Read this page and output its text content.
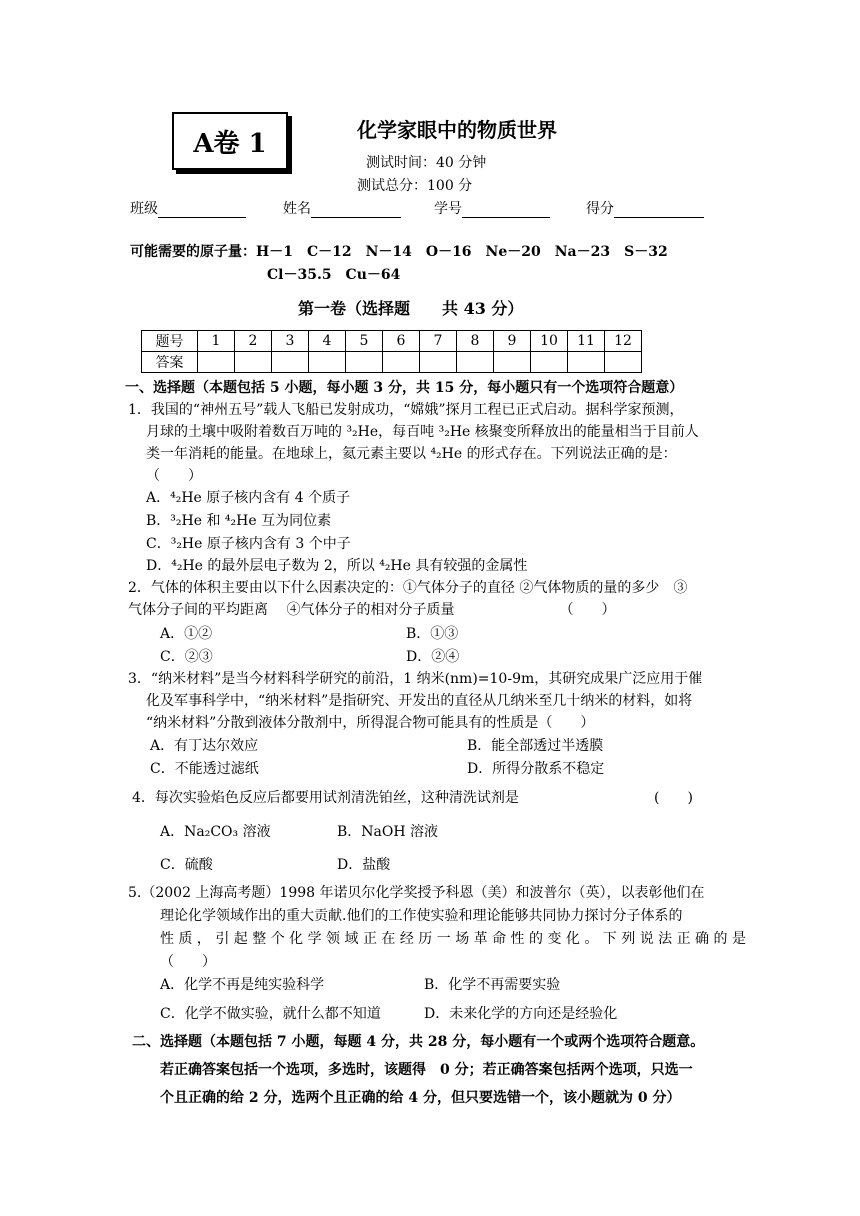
A卷 1	化学家眼中的物质世界
测试时间：40 分钟
测试总分：100 分
班级	姓名	学号	得分
可能需要的原子量：H－1　C－12　N－14　O－16　Ne－20　Na－23　S－32
Cl－35.5　Cu－64
第一卷（选择题　　共 43 分）
题号	1	2	3	4	5	6	7	8	9	10	11	12
答案												
一、选择题（本题包括 5 小题，每小题 3 分，共 15 分，每小题只有一个选项符合题意）
1．我国的“神州五号”载人飞船已发射成功，“嫦娥”探月工程已正式启动。据科学家预测，
月球的土壤中吸附着数百万吨的 ³₂He，每百吨 ³₂He 核聚变所释放出的能量相当于目前人
类一年消耗的能量。在地球上，氦元素主要以 ⁴₂He 的形式存在。下列说法正确的是：
（　　）
A．⁴₂He 原子核内含有 4 个质子
B．³₂He 和 ⁴₂He 互为同位素
C．³₂He 原子核内含有 3 个中子
D．⁴₂He 的最外层电子数为 2，所以 ⁴₂He 具有较强的金属性
2．气体的体积主要由以下什么因素决定的：①气体分子的直径 ②气体物质的量的多少　③
气体分子间的平均距离　 ④气体分子的相对分子质量　　　　　　　　（　　）
A．①②	B．①③
C．②③	D．②④
3．“纳米材料”是当今材料科学研究的前沿，1 纳米(nm)=10-9m，其研究成果广泛应用于催
化及军事科学中，“纳米材料”是指研究、开发出的直径从几纳米至几十纳米的材料，如将
“纳米材料”分散到液体分散剂中，所得混合物可能具有的性质是（　　）
A．有丁达尔效应	B．能全部透过半透膜
C．不能透过滤纸	D．所得分散系不稳定
4．每次实验焰色反应后都要用试剂清洗铂丝，这种清洗试剂是	(　　)
A．Na₂CO₃ 溶液	B．NaOH 溶液
C．硫酸	D．盐酸
5.（2002 上海高考题）1998 年诺贝尔化学奖授予科恩（美）和波普尔（英），以表彰他们在
理论化学领域作出的重大贡献.他们的工作使实验和理论能够共同协力探讨分子体系的
性 质 ， 引 起 整 个 化 学 领 域 正 在 经 历 一 场 革 命 性 的 变 化 。 下 列 说 法 正 确 的 是
（　　）
A．化学不再是纯实验科学	B．化学不再需要实验
C．化学不做实验，就什么都不知道	D．未来化学的方向还是经验化
二、选择题（本题包括 7 小题，每题 4 分，共 28 分，每小题有一个或两个选项符合题意。
若正确答案包括一个选项，多选时，该题得　0 分；若正确答案包括两个选项，只选一
个且正确的给 2 分，选两个且正确的给 4 分，但只要选错一个，该小题就为 0 分）
